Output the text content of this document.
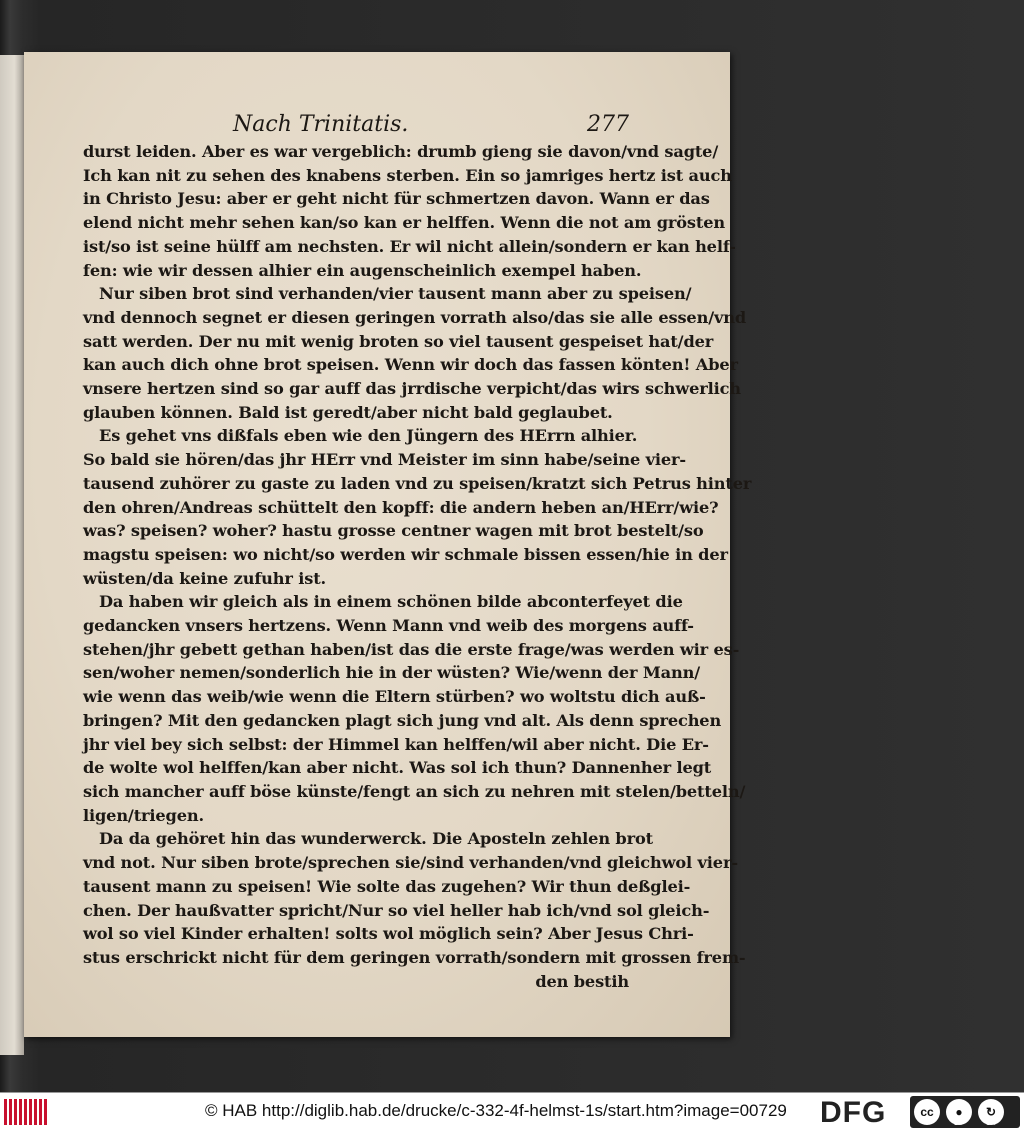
Nach Trinitatis.	277
durst leiden. Aber es war vergeblich: drumb gieng sie davon/vnd sagte/
Ich kan nit zu sehen des knabens sterben. Ein so jamriges hertz ist auch
in Christo Jesu: aber er geht nicht für schmertzen davon. Wann er das
elend nicht mehr sehen kan/so kan er helffen. Wenn die not am grösten
ist/so ist seine hülff am nechsten. Er wil nicht allein/sondern er kan helf-
fen: wie wir dessen alhier ein augenscheinlich exempel haben.
Nur siben brot sind verhanden/vier tausent mann aber zu speisen/
vnd dennoch segnet er diesen geringen vorrath also/das sie alle essen/vnd
satt werden. Der nu mit wenig broten so viel tausent gespeiset hat/der
kan auch dich ohne brot speisen. Wenn wir doch das fassen könten! Aber
vnsere hertzen sind so gar auff das jrrdische verpicht/das wirs schwerlich
glauben können. Bald ist geredt/aber nicht bald geglaubet.
Es gehet vns dißfals eben wie den Jüngern des HErrn alhier.
So bald sie hören/das jhr HErr vnd Meister im sinn habe/seine vier-
tausend zuhörer zu gaste zu laden vnd zu speisen/kratzt sich Petrus hinter
den ohren/Andreas schüttelt den kopff: die andern heben an/HErr/wie?
was? speisen? woher? hastu grosse centner wagen mit brot bestelt/so
magstu speisen: wo nicht/so werden wir schmale bissen essen/hie in der
wüsten/da keine zufuhr ist.
Da haben wir gleich als in einem schönen bilde abconterfeyet die
gedancken vnsers hertzens. Wenn Mann vnd weib des morgens auff-
stehen/jhr gebett gethan haben/ist das die erste frage/was werden wir es-
sen/woher nemen/sonderlich hie in der wüsten? Wie/wenn der Mann/
wie wenn das weib/wie wenn die Eltern stürben? wo woltstu dich auß-
bringen? Mit den gedancken plagt sich jung vnd alt. Als denn sprechen
jhr viel bey sich selbst: der Himmel kan helffen/wil aber nicht. Die Er-
de wolte wol helffen/kan aber nicht. Was sol ich thun? Dannenher legt
sich mancher auff böse künste/fengt an sich zu nehren mit stelen/betteln/
ligen/triegen.
Da da gehöret hin das wunderwerck. Die Aposteln zehlen brot
vnd not. Nur siben brote/sprechen sie/sind verhanden/vnd gleichwol vier-
tausent mann zu speisen! Wie solte das zugehen? Wir thun deßglei-
chen. Der haußvatter spricht/Nur so viel heller hab ich/vnd sol gleich-
wol so viel Kinder erhalten! solts wol möglich sein? Aber Jesus Chri-
stus erschrickt nicht für dem geringen vorrath/sondern mit grossen frem-
den bestih
© HAB http://diglib.hab.de/drucke/c-332-4f-helmst-1s/start.htm?image=00729 DFG	cc	●	↻
BY	SA
